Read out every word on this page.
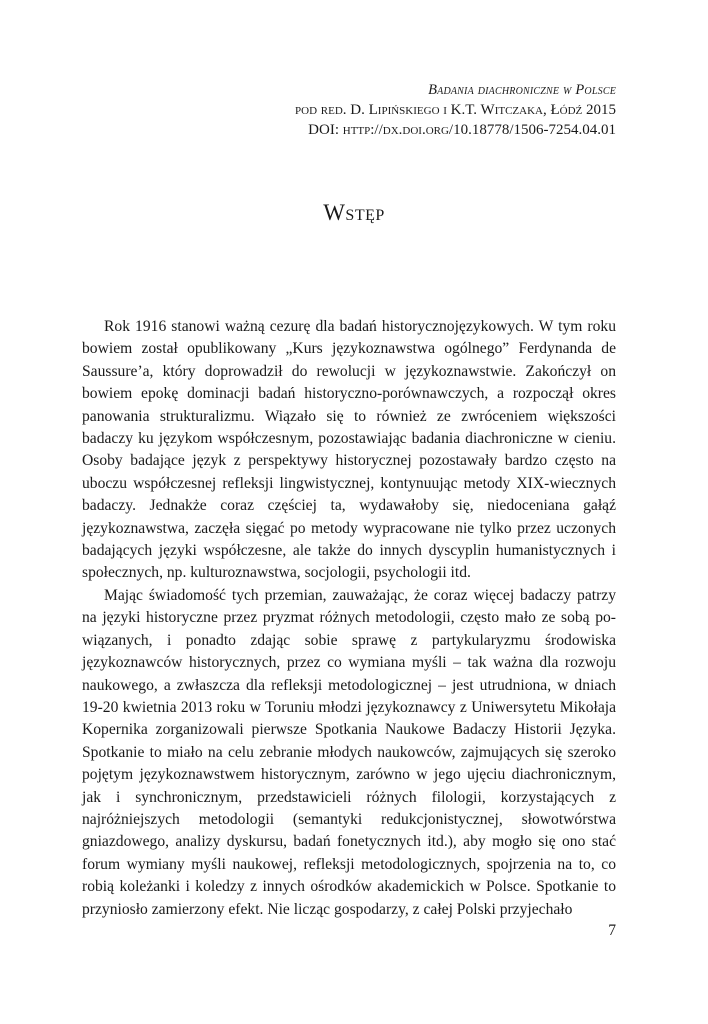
Badania diachroniczne w Polsce
pod red. D. Lipińskiego i K.T. Witczaka, Łódź 2015
DOI: http://dx.doi.org/10.18778/1506-7254.04.01
Wstęp

Rok 1916 stanowi ważną cezurę dla badań historycznojęzykowych. W tym roku bowiem został opublikowany „Kurs językoznawstwa ogólnego” Ferdynanda de Saussure’a, który doprowadził do rewolucji w językoznawstwie. Zakończył on bowiem epokę dominacji badań historyczno-porównawczych, a rozpoczął okres panowania strukturalizmu. Wiązało się to również ze zwróceniem większości badaczy ku językom współczesnym, pozostawiając badania diachroniczne w cieniu. Osoby badające język z perspektywy historycznej pozostawały bardzo często na uboczu współczesnej refleksji lingwistycznej, kontynuując metody XIX-wiecznych badaczy. Jednakże coraz częściej ta, wydawałoby się, niedoceniana gałąź językoznawstwa, zaczęła sięgać po metody wypracowane nie tylko przez uczonych badających języki współczesne, ale także do innych dyscyplin humanistycznych i społecznych, np. kulturoznawstwa, socjologii, psychologii itd.

Mając świadomość tych przemian, zauważając, że coraz więcej badaczy patrzy na języki historyczne przez pryzmat różnych metodologii, często mało ze sobą powiązanych, i ponadto zdając sobie sprawę z partykularyzmu środowiska językoznawców historycznych, przez co wymiana myśli – tak ważna dla rozwoju naukowego, a zwłaszcza dla refleksji metodologicznej – jest utrudniona, w dniach 19-20 kwietnia 2013 roku w Toruniu młodzi językoznawcy z Uniwersytetu Mikołaja Kopernika zorganizowali pierwsze Spotkania Naukowe Badaczy Historii Języka. Spotkanie to miało na celu zebranie młodych naukowców, zajmujących się szeroko pojętym językoznawstwem historycznym, zarówno w jego ujęciu diachronicznym, jak i synchronicznym, przedstawicieli różnych filologii, korzystających z najróżniejszych metodologii (semantyki redukcjonistycznej, słowotwórstwa gniazdowego, analizy dyskursu, badań fonetycznych itd.), aby mogło się ono stać forum wymiany myśli naukowej, refleksji metodologicznych, spojrzenia na to, co robią koleżanki i koledzy z innych ośrodków akademickich w Polsce. Spotkanie to przyniosło zamierzony efekt. Nie licząc gospodarzy, z całej Polski przyjechało

7
